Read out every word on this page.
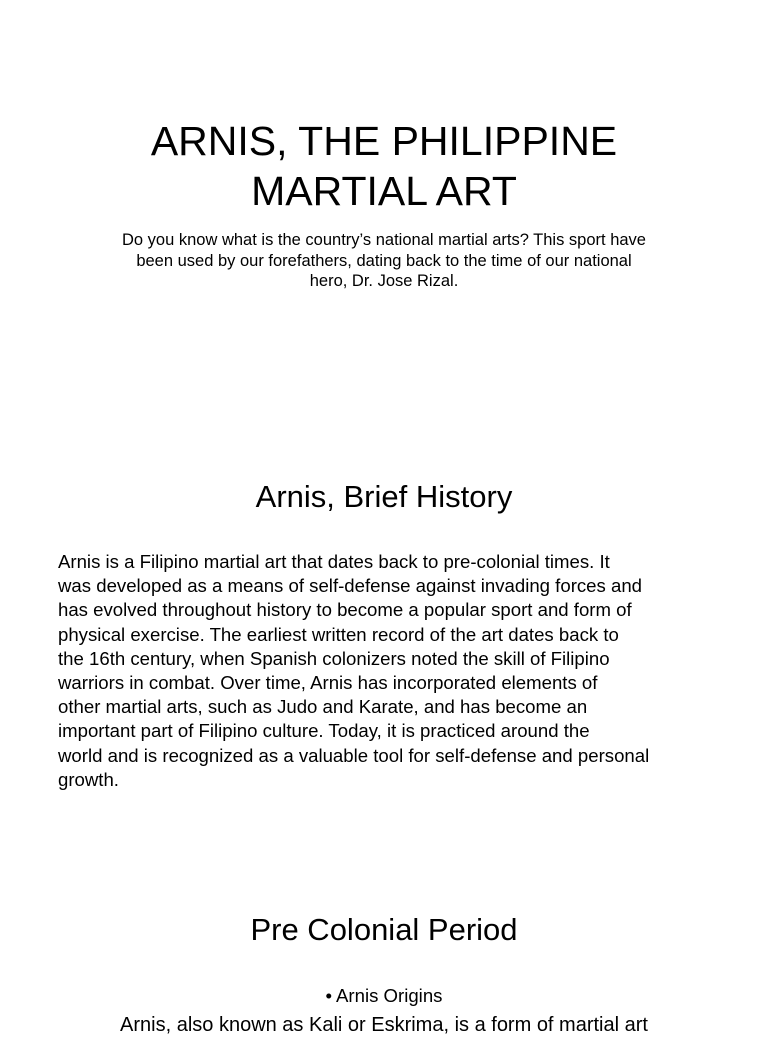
ARNIS, THE PHILIPPINE
MARTIAL ART

Do you know what is the country’s national martial arts? This sport have
been used by our forefathers, dating back to the time of our national
hero, Dr. Jose Rizal.

Arnis, Brief History

Arnis is a Filipino martial art that dates back to pre-colonial times. It
was developed as a means of self-defense against invading forces and
has evolved throughout history to become a popular sport and form of
physical exercise. The earliest written record of the art dates back to
the 16th century, when Spanish colonizers noted the skill of Filipino
warriors in combat. Over time, Arnis has incorporated elements of
other martial arts, such as Judo and Karate, and has become an
important part of Filipino culture. Today, it is practiced around the
world and is recognized as a valuable tool for self-defense and personal
growth.

Pre Colonial Period

• Arnis Origins

Arnis, also known as Kali or Eskrima, is a form of martial art
